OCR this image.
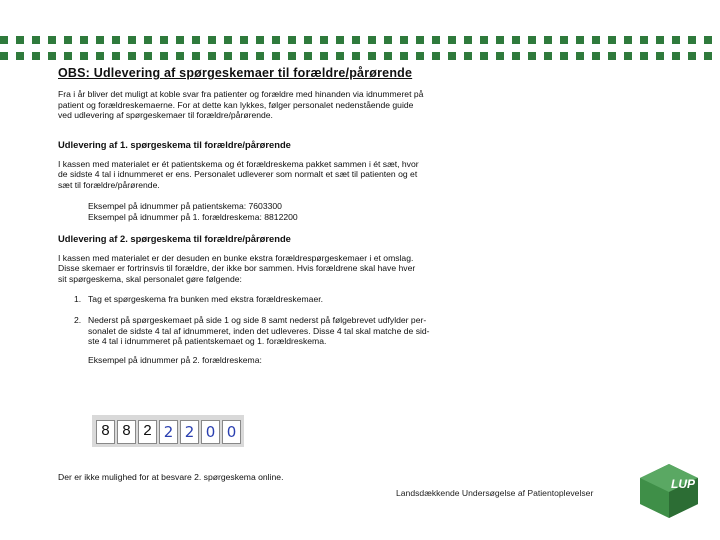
OBS: Udlevering af spørgeskemaer til forældre/pårørende

Fra i år bliver det muligt at koble svar fra patienter og forældre med hinanden via idnummeret på

patient og forældreskemaerne. For at dette kan lykkes, følger personalet nedenstående guide

ved udlevering af spørgeskemaer til forældre/pårørende.

Udlevering af 1. spørgeskema til forældre/pårørende

I kassen med materialet er ét patientskema og ét forældreskema pakket sammen i ét sæt, hvor

de sidste 4 tal i idnummeret er ens. Personalet udleverer som normalt et sæt til patienten og et

sæt til forældre/pårørende.

Eksempel på idnummer på patientskema: 7603300
Eksempel på idnummer på 1. forældreskema: 8812200

Udlevering af 2. spørgeskema til forældre/pårørende

I kassen med materialet er der desuden en bunke ekstra forældrespørgeskemaer i et omslag.

Disse skemaer er fortrinsvis til forældre, der ikke bor sammen. Hvis forældrene skal have hver

sit spørgeskema, skal personalet gøre følgende:

1. Tag et spørgeskema fra bunken med ekstra forældreskemaer.
2. Nederst på spørgeskemaet på side 1 og side 8 samt nederst på følgebrevet udfylder per-
sonalet de sidste 4 tal af idnummeret, inden det udleveres. Disse 4 tal skal matche de sid-
ste 4 tal i idnummeret på patientskemaet og 1. forældreskema.
Eksempel på idnummer på 2. forældreskema:
8 8 2 2 2 0 0

Der er ikke mulighed for at besvare 2. spørgeskema online.

Landsdækkende Undersøgelse af Patientoplevelser
LUP
